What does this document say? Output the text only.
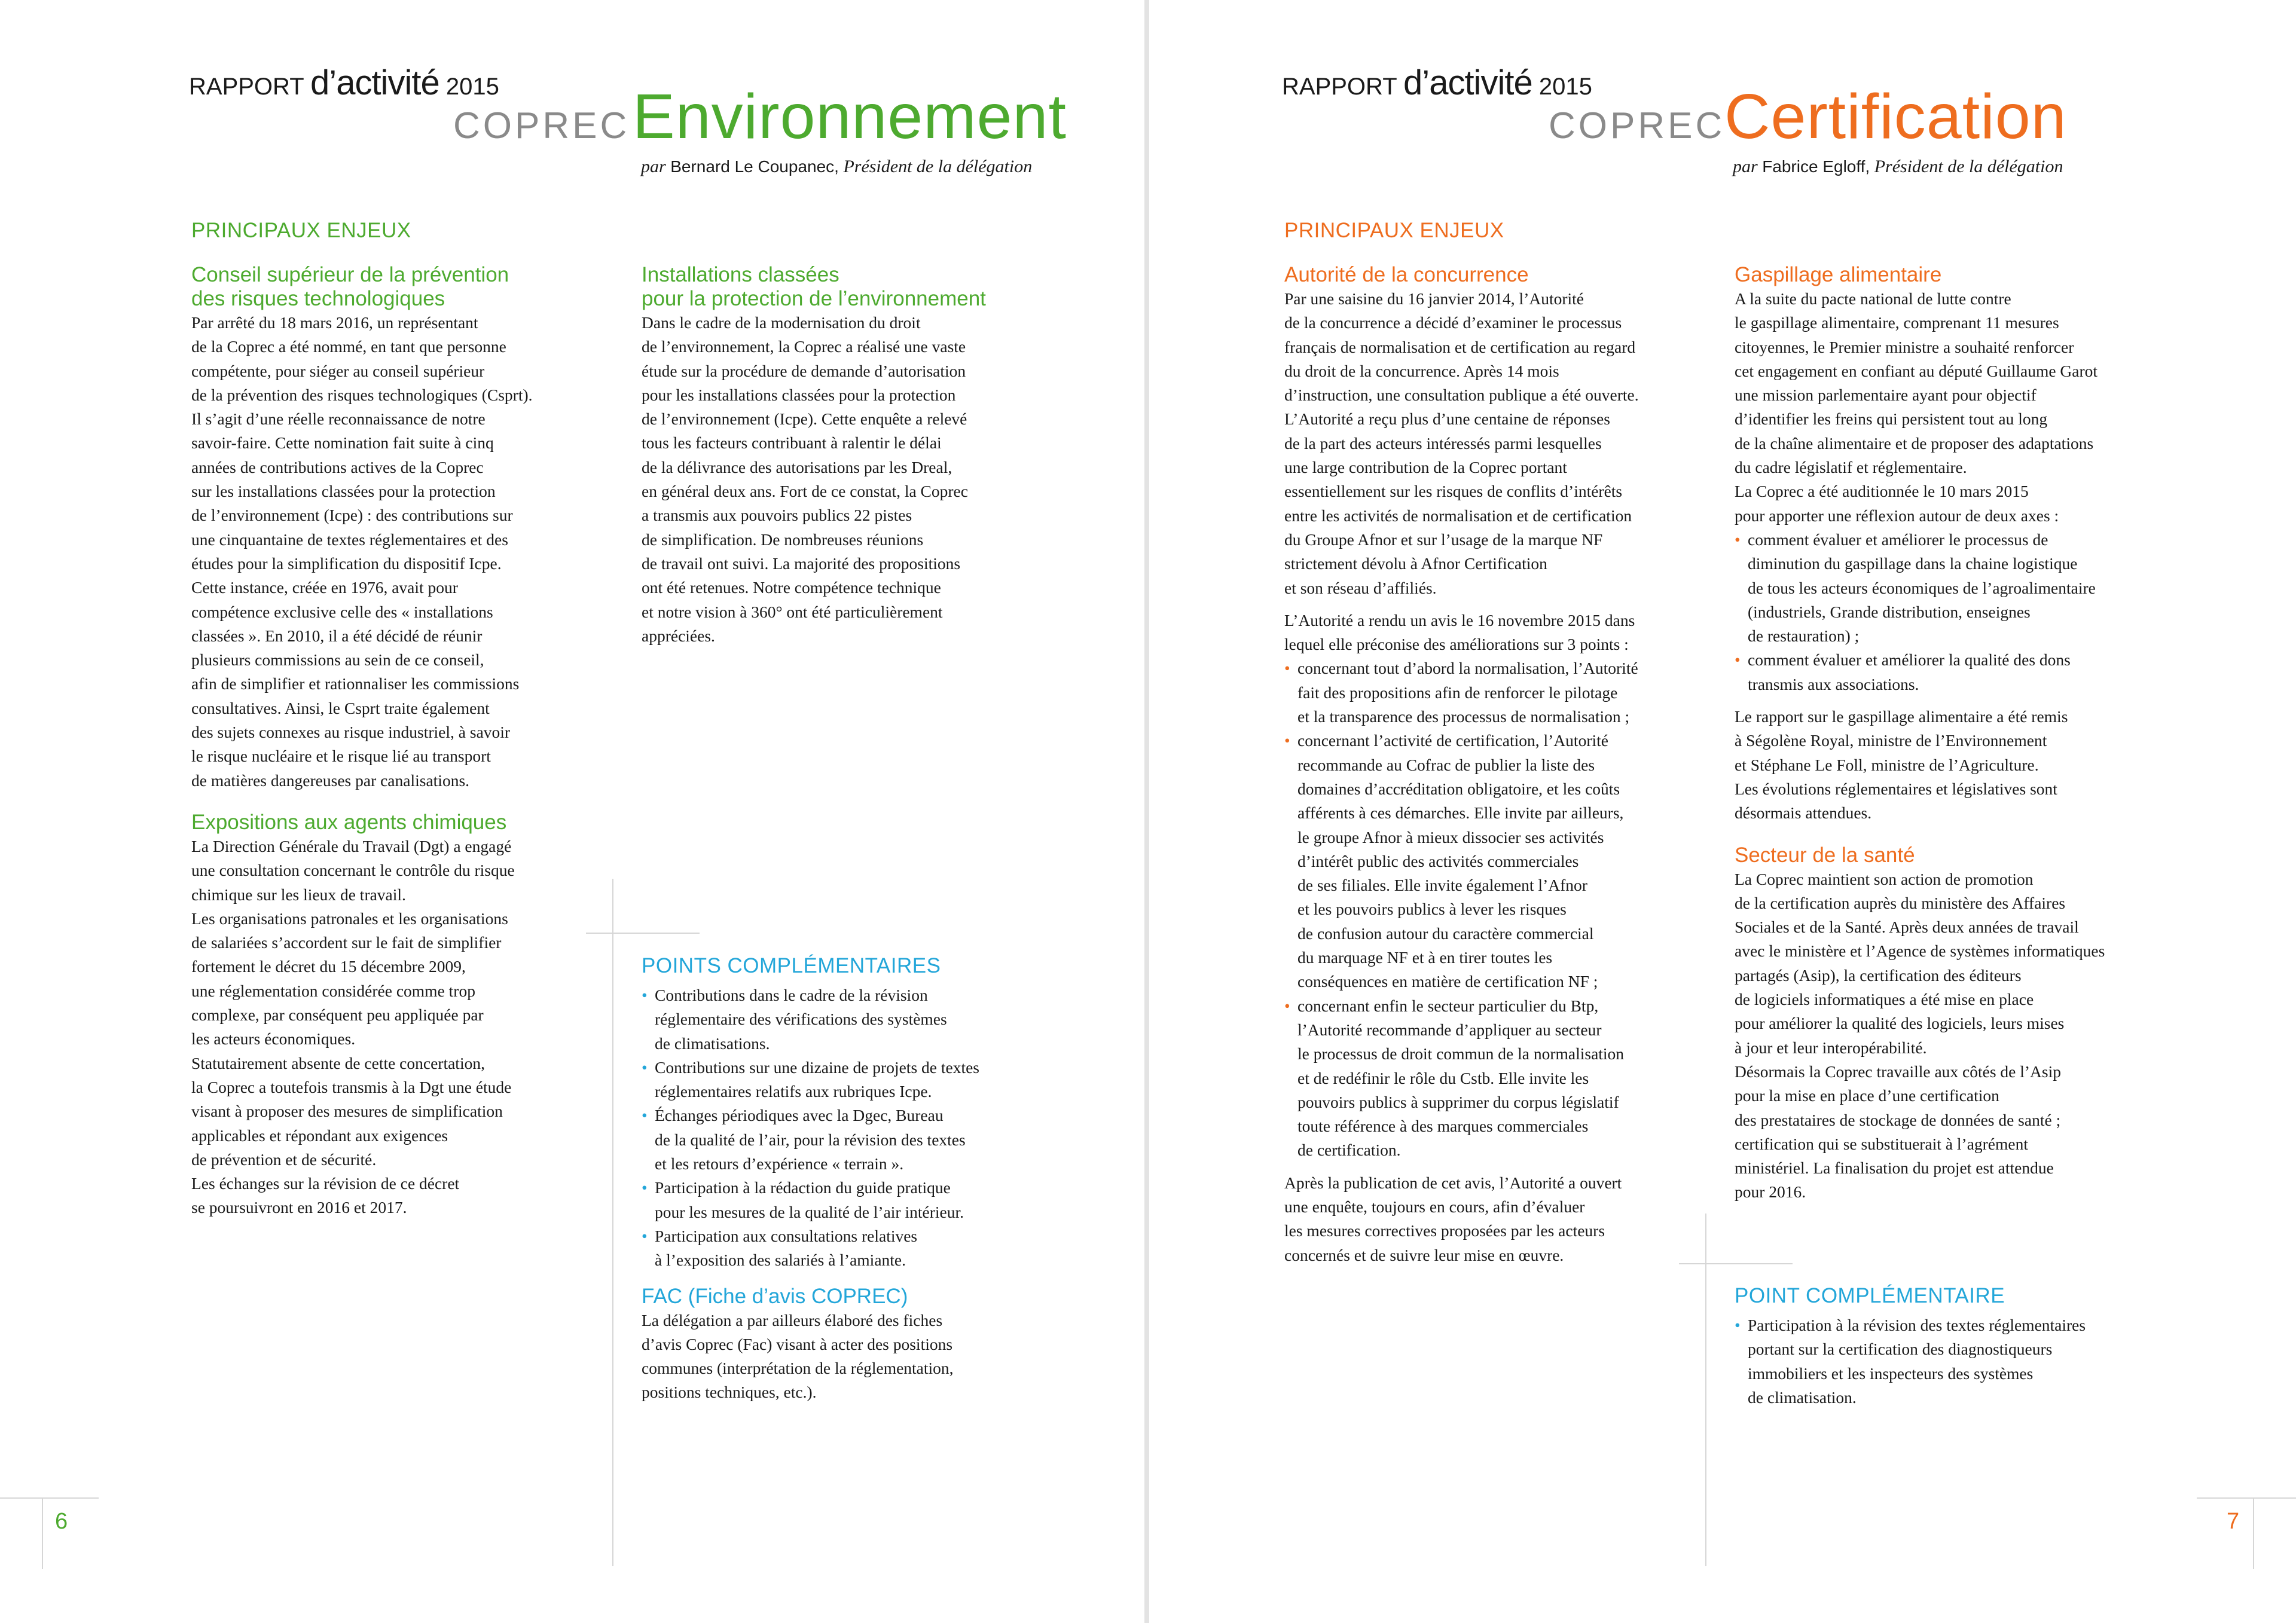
RAPPORT d’activité 2015
COPREC Environnement
par Bernard Le Coupanec, Président de la délégation
PRINCIPAUX ENJEUX
Conseil supérieur de la prévention
des risques technologiques

Par arrêté du 18 mars 2016, un représentant

de la Coprec a été nommé, en tant que personne

compétente, pour siéger au conseil supérieur

de la prévention des risques technologiques (Csprt).

Il s’agit d’une réelle reconnaissance de notre

savoir-faire. Cette nomination fait suite à cinq

années de contributions actives de la Coprec

sur les installations classées pour la protection

de l’environnement (Icpe) : des contributions sur

une cinquantaine de textes réglementaires et des

études pour la simplification du dispositif Icpe.

Cette instance, créée en 1976, avait pour

compétence exclusive celle des « installations

classées ». En 2010, il a été décidé de réunir

plusieurs commissions au sein de ce conseil,

afin de simplifier et rationnaliser les commissions

consultatives. Ainsi, le Csprt traite également

des sujets connexes au risque industriel, à savoir

le risque nucléaire et le risque lié au transport

de matières dangereuses par canalisations.

Expositions aux agents chimiques

La Direction Générale du Travail (Dgt) a engagé

une consultation concernant le contrôle du risque

chimique sur les lieux de travail.

Les organisations patronales et les organisations

de salariées s’accordent sur le fait de simplifier

fortement le décret du 15 décembre 2009,

une réglementation considérée comme trop

complexe, par conséquent peu appliquée par

les acteurs économiques.

Statutairement absente de cette concertation,

la Coprec a toutefois transmis à la Dgt une étude

visant à proposer des mesures de simplification

applicables et répondant aux exigences

de prévention et de sécurité.

Les échanges sur la révision de ce décret

se poursuivront en 2016 et 2017.

Installations classées
pour la protection de l’environnement

Dans le cadre de la modernisation du droit

de l’environnement, la Coprec a réalisé une vaste

étude sur la procédure de demande d’autorisation

pour les installations classées pour la protection

de l’environnement (Icpe). Cette enquête a relevé

tous les facteurs contribuant à ralentir le délai

de la délivrance des autorisations par les Dreal,

en général deux ans. Fort de ce constat, la Coprec

a transmis aux pouvoirs publics 22 pistes

de simplification. De nombreuses réunions

de travail ont suivi. La majorité des propositions

ont été retenues. Notre compétence technique

et notre vision à 360° ont été particulièrement

appréciées.

POINTS COMPLÉMENTAIRES
• Contributions dans le cadre de la révision

réglementaire des vérifications des systèmes

de climatisations.

• Contributions sur une dizaine de projets de textes

réglementaires relatifs aux rubriques Icpe.

• Échanges périodiques avec la Dgec, Bureau

de la qualité de l’air, pour la révision des textes

et les retours d’expérience « terrain ».

• Participation à la rédaction du guide pratique

pour les mesures de la qualité de l’air intérieur.

• Participation aux consultations relatives

à l’exposition des salariés à l’amiante.

FAC (Fiche d’avis COPREC)

La délégation a par ailleurs élaboré des fiches

d’avis Coprec (Fac) visant à acter des positions

communes (interprétation de la réglementation,

positions techniques, etc.).

6
RAPPORT d’activité 2015
COPREC
Certification
par Fabrice Egloff, Président de la délégation
PRINCIPAUX ENJEUX
Autorité de la concurrence

Par une saisine du 16 janvier 2014, l’Autorité

de la concurrence a décidé d’examiner le processus

français de normalisation et de certification au regard

du droit de la concurrence. Après 14 mois

d’instruction, une consultation publique a été ouverte.

L’Autorité a reçu plus d’une centaine de réponses

de la part des acteurs intéressés parmi lesquelles

une large contribution de la Coprec portant

essentiellement sur les risques de conflits d’intérêts

entre les activités de normalisation et de certification

du Groupe Afnor et sur l’usage de la marque NF

strictement dévolu à Afnor Certification

et son réseau d’affiliés.

L’Autorité a rendu un avis le 16 novembre 2015 dans

lequel elle préconise des améliorations sur 3 points :

• concernant tout d’abord la normalisation, l’Autorité

fait des propositions afin de renforcer le pilotage

et la transparence des processus de normalisation ;

• concernant l’activité de certification, l’Autorité

recommande au Cofrac de publier la liste des

domaines d’accréditation obligatoire, et les coûts

afférents à ces démarches. Elle invite par ailleurs,

le groupe Afnor à mieux dissocier ses activités

d’intérêt public des activités commerciales

de ses filiales. Elle invite également l’Afnor

et les pouvoirs publics à lever les risques

de confusion autour du caractère commercial

du marquage NF et à en tirer toutes les

conséquences en matière de certification NF ;

• concernant enfin le secteur particulier du Btp,

l’Autorité recommande d’appliquer au secteur

le processus de droit commun de la normalisation

et de redéfinir le rôle du Cstb. Elle invite les

pouvoirs publics à supprimer du corpus législatif

toute référence à des marques commerciales

de certification.

Après la publication de cet avis, l’Autorité a ouvert

une enquête, toujours en cours, afin d’évaluer

les mesures correctives proposées par les acteurs

concernés et de suivre leur mise en œuvre.

Gaspillage alimentaire

A la suite du pacte national de lutte contre

le gaspillage alimentaire, comprenant 11 mesures

citoyennes, le Premier ministre a souhaité renforcer

cet engagement en confiant au député Guillaume Garot

une mission parlementaire ayant pour objectif

d’identifier les freins qui persistent tout au long

de la chaîne alimentaire et de proposer des adaptations

du cadre législatif et réglementaire.

La Coprec a été auditionnée le 10 mars 2015

pour apporter une réflexion autour de deux axes :

• comment évaluer et améliorer le processus de

diminution du gaspillage dans la chaine logistique

de tous les acteurs économiques de l’agroalimentaire

(industriels, Grande distribution, enseignes

de restauration) ;

• comment évaluer et améliorer la qualité des dons

transmis aux associations.

Le rapport sur le gaspillage alimentaire a été remis

à Ségolène Royal, ministre de l’Environnement

et Stéphane Le Foll, ministre de l’Agriculture.

Les évolutions réglementaires et législatives sont

désormais attendues.

Secteur de la santé

La Coprec maintient son action de promotion

de la certification auprès du ministère des Affaires

Sociales et de la Santé. Après deux années de travail

avec le ministère et l’Agence de systèmes informatiques

partagés (Asip), la certification des éditeurs

de logiciels informatiques a été mise en place

pour améliorer la qualité des logiciels, leurs mises

à jour et leur interopérabilité.

Désormais la Coprec travaille aux côtés de l’Asip

pour la mise en place d’une certification

des prestataires de stockage de données de santé ;

certification qui se substituerait à l’agrément

ministériel. La finalisation du projet est attendue

pour 2016.

POINT COMPLÉMENTAIRE
• Participation à la révision des textes réglementaires

portant sur la certification des diagnostiqueurs

immobiliers et les inspecteurs des systèmes

de climatisation.

7
